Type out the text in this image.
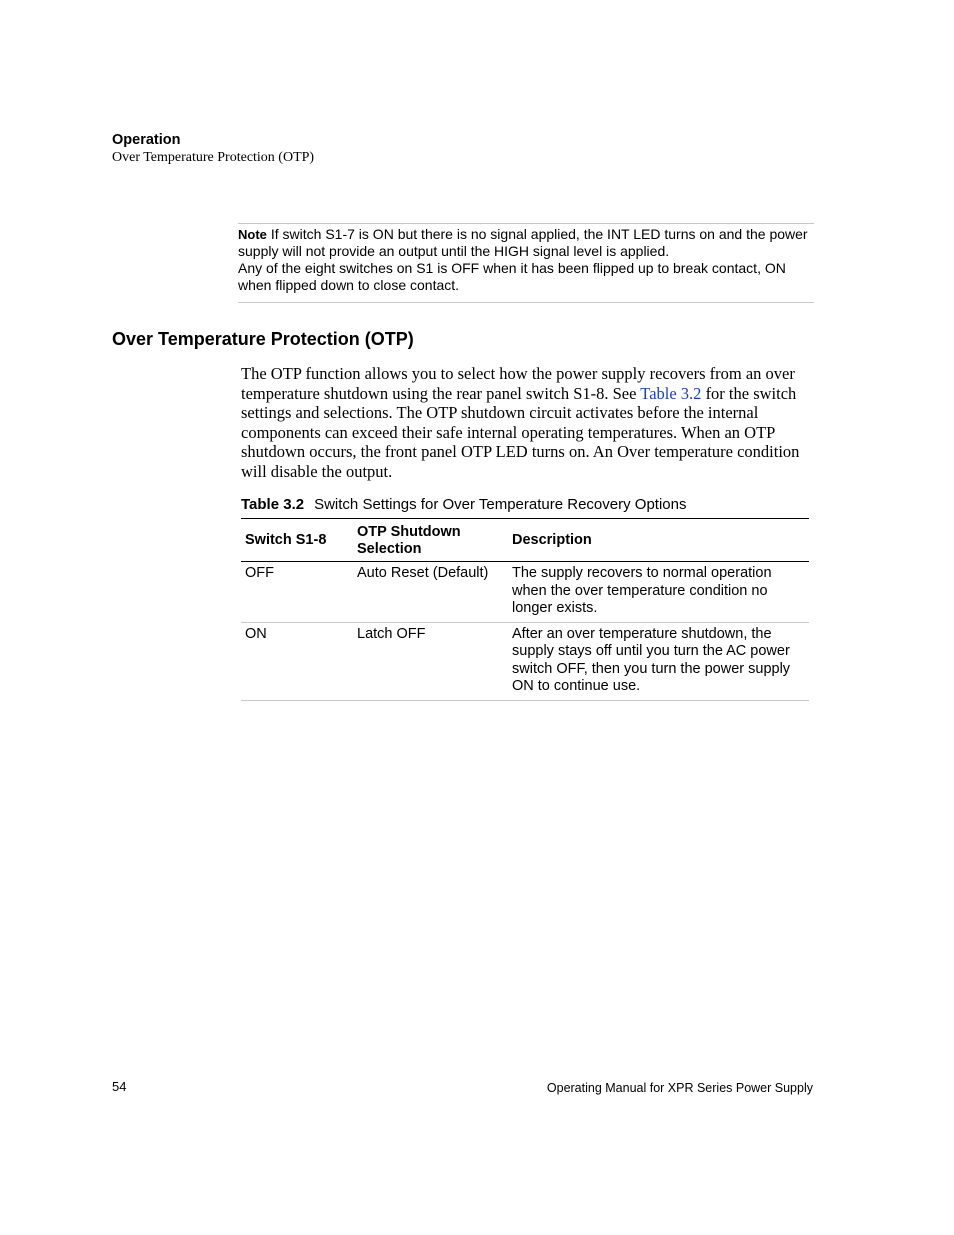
Operation
Over Temperature Protection (OTP)

Note If switch S1-7 is ON but there is no signal applied, the INT LED turns on and the power supply will not provide an output until the HIGH signal level is applied.

Any of the eight switches on S1 is OFF when it has been flipped up to break contact, ON when flipped down to close contact.

Over Temperature Protection (OTP)

The OTP function allows you to select how the power supply recovers from an over temperature shutdown using the rear panel switch S1-8. See Table 3.2 for the switch settings and selections. The OTP shutdown circuit activates before the internal components can exceed their safe internal operating temperatures. When an OTP shutdown occurs, the front panel OTP LED turns on. An Over temperature condition will disable the output.

Table 3.2 Switch Settings for Over Temperature Recovery Options
Switch S1-8	OTP Shutdown Selection	Description
OFF	Auto Reset (Default)	The supply recovers to normal operation when the over temperature condition no longer exists.
ON	Latch OFF	After an over temperature shutdown, the supply stays off until you turn the AC power switch OFF, then you turn the power supply ON to continue use.
54	Operating Manual for XPR Series Power Supply
